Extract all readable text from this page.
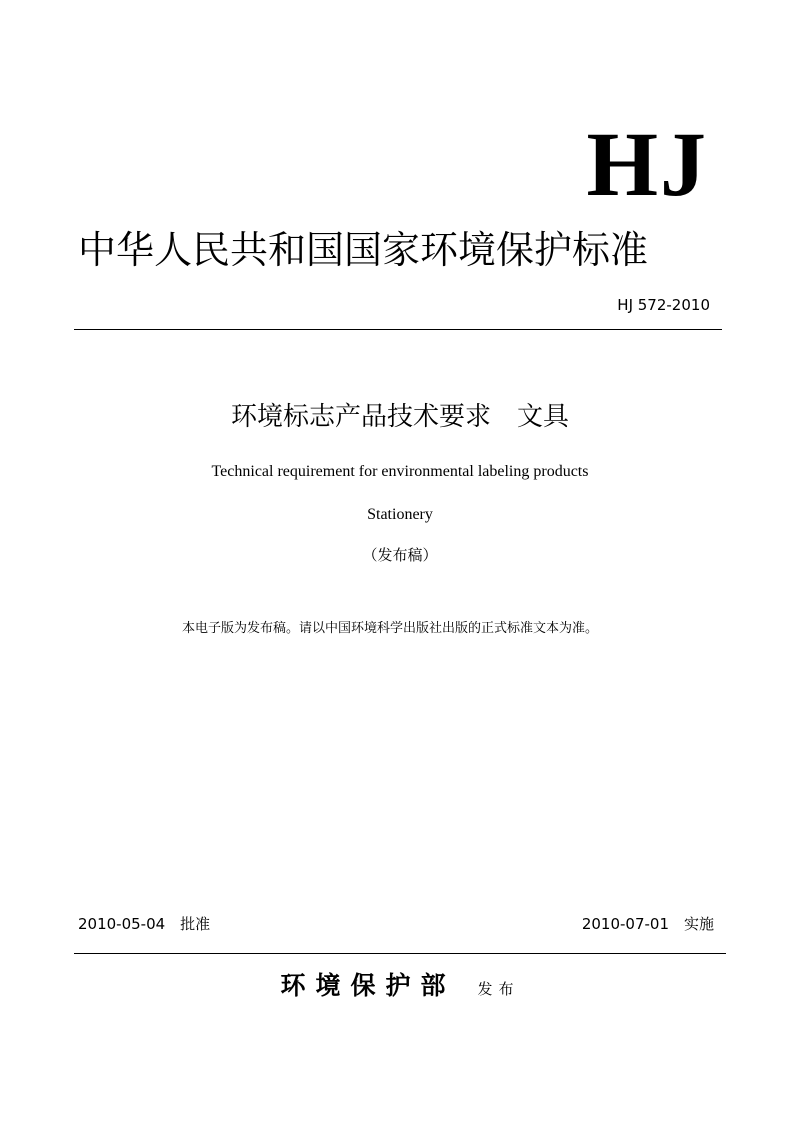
HJ
中华人民共和国国家环境保护标准
HJ 572-2010
环境标志产品技术要求　文具
Technical requirement for environmental labeling products
Stationery
（发布稿）
本电子版为发布稿。请以中国环境科学出版社出版的正式标准文本为准。
2010-05-04　批准	2010-07-01　实施
环境保护部 发布
